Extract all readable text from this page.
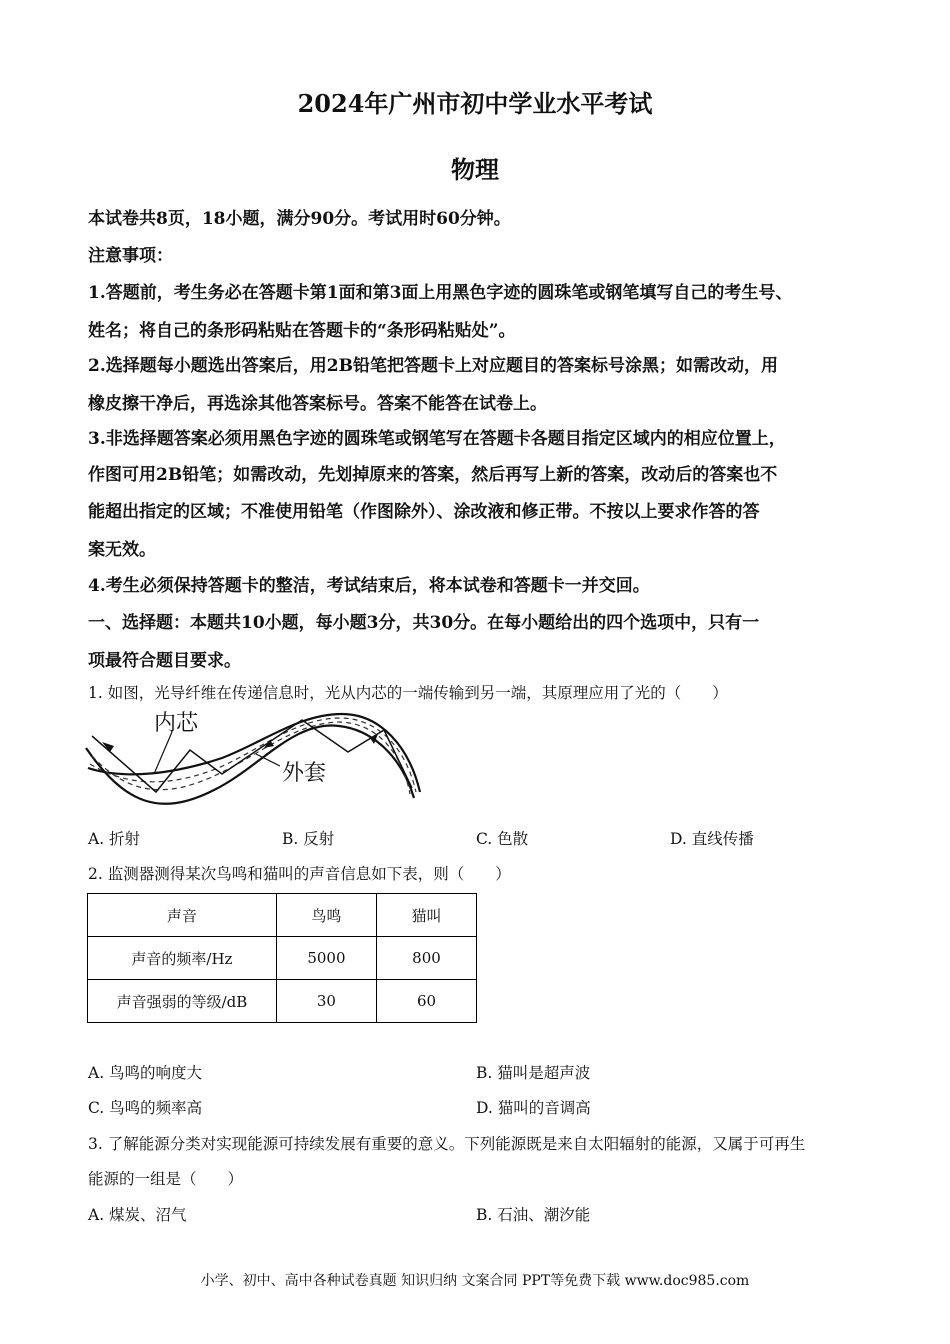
2024年广州市初中学业水平考试
物理
本试卷共8页，18小题，满分90分。考试用时60分钟。
注意事项：
1.答题前，考生务必在答题卡第1面和第3面上用黑色字迹的圆珠笔或钢笔填写自己的考生号、
姓名；将自己的条形码粘贴在答题卡的“条形码粘贴处”。
2.选择题每小题选出答案后，用2B铅笔把答题卡上对应题目的答案标号涂黑；如需改动，用
橡皮擦干净后，再选涂其他答案标号。答案不能答在试卷上。
3.非选择题答案必须用黑色字迹的圆珠笔或钢笔写在答题卡各题目指定区域内的相应位置上，
作图可用2B铅笔；如需改动，先划掉原来的答案，然后再写上新的答案，改动后的答案也不
能超出指定的区域；不准使用铅笔（作图除外）、涂改液和修正带。不按以上要求作答的答
案无效。
4.考生必须保持答题卡的整洁，考试结束后，将本试卷和答题卡一并交回。
一、选择题：本题共10小题，每小题3分，共30分。在每小题给出的四个选项中，只有一
项最符合题目要求。
1. 如图，光导纤维在传递信息时，光从内芯的一端传输到另一端，其原理应用了光的（　　）
内芯
外套
A. 折射	B. 反射	C. 色散	D. 直线传播
2. 监测器测得某次鸟鸣和猫叫的声音信息如下表，则（　　）
声音	鸟鸣	猫叫
声音的频率/Hz	5000	800
声音强弱的等级/dB	30	60
A. 鸟鸣的响度大	B. 猫叫是超声波
C. 鸟鸣的频率高	D. 猫叫的音调高
3. 了解能源分类对实现能源可持续发展有重要的意义。下列能源既是来自太阳辐射的能源，又属于可再生
能源的一组是（　　）
A. 煤炭、沼气	B. 石油、潮汐能
小学、初中、高中各种试卷真题 知识归纳 文案合同 PPT等免费下载 www.doc985.com
